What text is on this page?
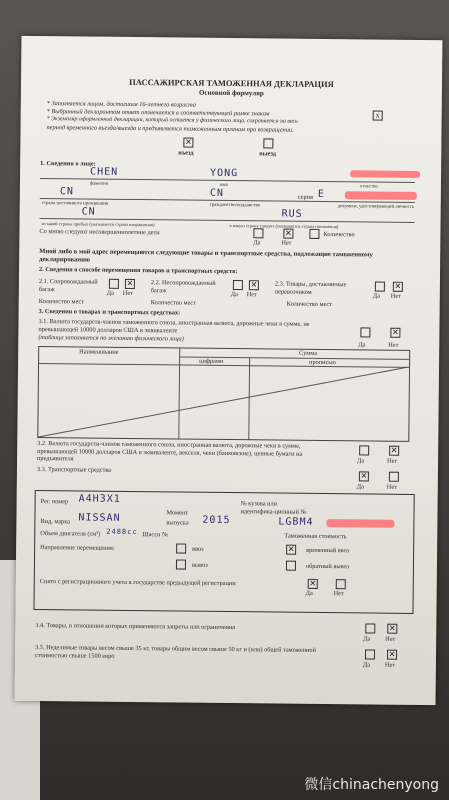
ПАССАЖИРСКАЯ ТАМОЖЕННАЯ ДЕКЛАРАЦИЯ
Основной формуляр
* Заполняется лицом, достигшим 16-летнего возраста
* Выбранный декларантом ответ отмечается в соответствующей рамке знаком	x
* Экземпляр оформленной декларации, который остается у физического лица, сохраняется на весь
период временного въезда/выезда и предъявляется таможенным органам при возвращении.
✕
въезд	выезд
1. Сведения о лице:
CHEN	YONG
фамилия	имя	отчество
CN	CN	серия E
страна постоянного проживания	гражданство/подданство	документ, удостоверяющий личность
CN	RUS
из какой страны прибыл (указывается страна отправления)	в какую страну следует (указывается страна назначения)
Со мною следуют несовершеннолетние дети	✕
Да	Нет
Количество
Мной либо в мой адрес перемещаются следующие товары и транспортные средства, подлежащие таможенному декларированию
2. Сведения о способе перемещения товаров и транспортных средств:
2.1. Сопровождаемый багаж
✕
Да Нет
Количество мест
2.2. Несопровождаемый багаж
✕
Да Нет
Количество мест
2.3. Товары, доставляемые перевозчиком
✕
Да Нет
Количество мест
3. Сведения о товарах и транспортных средствах:
3.1. Валюта государств-членов таможенного союза, иностранная валюта, дорожные чеки в сумме, не превышающей 10000 долларов США в эквиваленте
(таблица заполняется по желанию физического лица)
✕
Да	Нет
Наименование	Сумма
цифрами	прописью
3.2. Валюта государств-членов таможенного союза, иностранная валюта, дорожные чеки в сумме, превышающей 10000 долларов США в эквиваленте, векселя, чеки (банковские), ценные бумаги на предъявителя
✕
Да	Нет
3.3. Транспортные средства
✕
Да	Нет
Рег. номер A4H3X1
Момент
№ кузова или идентифика-ционный №
Вид, марка NISSAN	выпуска 2015	LGBM4
Объем двигателя (см³) 2488cc Шасси №	Таможенная стоимость
Направление перемещения:	ввоз	✕ временный ввоз
вывоз	обратный вывоз
Снято с регистрационного учета в государстве предыдущей регистрации	✕
Да	Нет
3.4. Товары, в отношении которых применяются запреты или ограничения	✕
Да Нет
3.5. Неделимые товары весом свыше 35 кг, товары общим весом свыше 50 кг и (или) общей таможенной стоимостью свыше 1500 евро	✕
Да Нет
微信chinachenyong
